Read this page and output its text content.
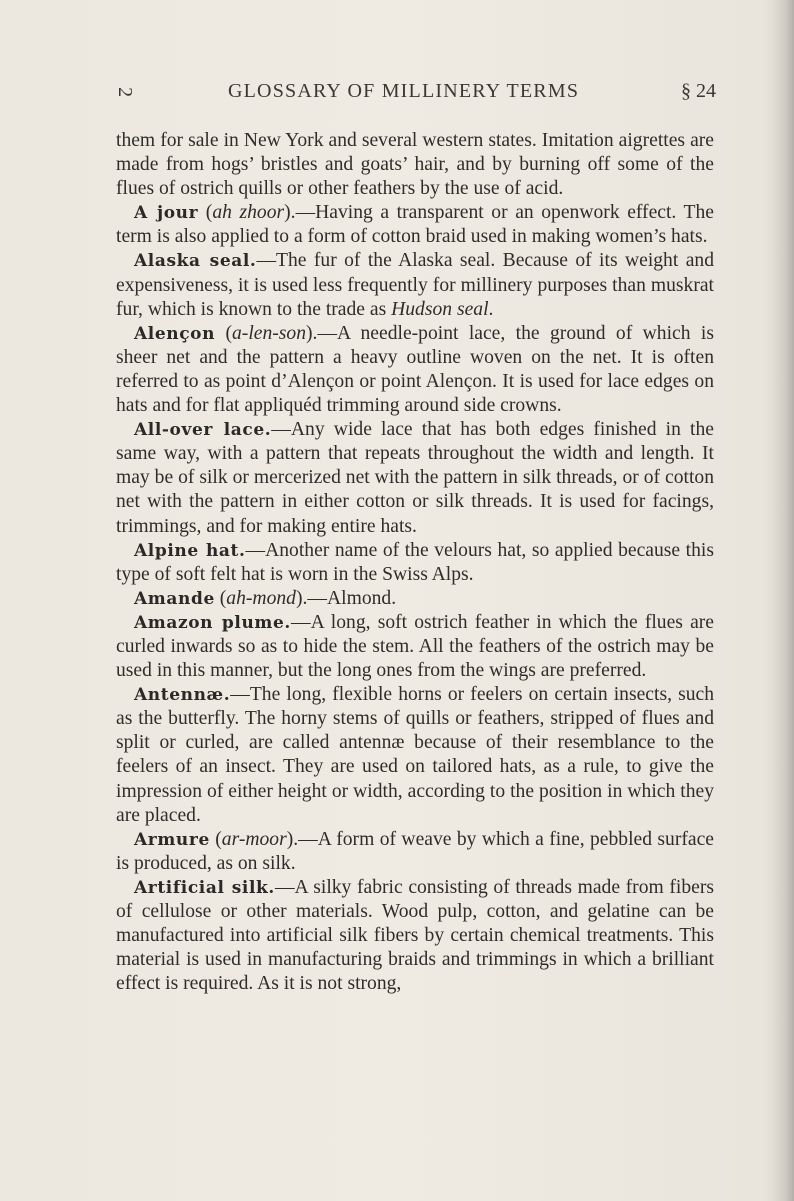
2	GLOSSARY OF MILLINERY TERMS	§ 24

them for sale in New York and several western states. Imitation aigrettes are made from hogs’ bristles and goats’ hair, and by burning off some of the flues of ostrich quills or other feathers by the use of acid.

A jour (ah zhoor).—Having a transparent or an openwork effect. The term is also applied to a form of cotton braid used in making women’s hats.

Alaska seal.—The fur of the Alaska seal. Because of its weight and expensiveness, it is used less frequently for millinery purposes than muskrat fur, which is known to the trade as Hudson seal.

Alençon (a-len-son).—A needle-point lace, the ground of which is sheer net and the pattern a heavy outline woven on the net. It is often referred to as point d’Alençon or point Alençon. It is used for lace edges on hats and for flat appliquéd trimming around side crowns.

All-over lace.—Any wide lace that has both edges finished in the same way, with a pattern that repeats throughout the width and length. It may be of silk or mercerized net with the pattern in silk threads, or of cotton net with the pattern in either cotton or silk threads. It is used for facings, trimmings, and for making entire hats.

Alpine hat.—Another name of the velours hat, so applied because this type of soft felt hat is worn in the Swiss Alps.

Amande (ah-mond).—Almond.

Amazon plume.—A long, soft ostrich feather in which the flues are curled inwards so as to hide the stem. All the feathers of the ostrich may be used in this manner, but the long ones from the wings are preferred.

Antennæ.—The long, flexible horns or feelers on certain insects, such as the butterfly. The horny stems of quills or feathers, stripped of flues and split or curled, are called antennæ because of their resemblance to the feelers of an insect. They are used on tailored hats, as a rule, to give the impression of either height or width, according to the position in which they are placed.

Armure (ar-moor).—A form of weave by which a fine, pebbled surface is produced, as on silk.

Artificial silk.—A silky fabric consisting of threads made from fibers of cellulose or other materials. Wood pulp, cotton, and gelatine can be manufactured into artificial silk fibers by certain chemical treatments. This material is used in manufacturing braids and trimmings in which a brilliant effect is required. As it is not strong,
